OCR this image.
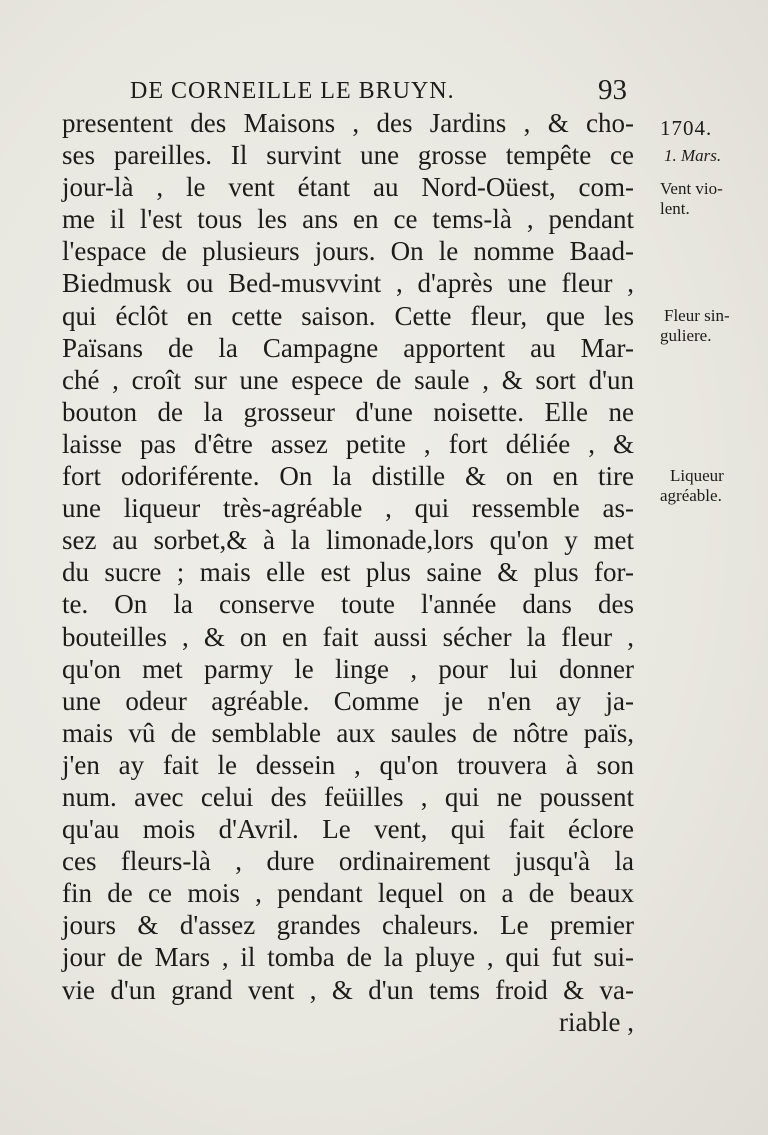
DE CORNEILLE LE BRUYN.	93
presentent des Maisons , des Jardins , & cho-
ses pareilles. Il survint une grosse tempête ce
jour-là , le vent étant au Nord-Oüest, com-
me il l'est tous les ans en ce tems-là , pendant
l'espace de plusieurs jours. On le nomme Baad-
Biedmusk ou Bed-musvvint , d'après une fleur ,
qui éclôt en cette saison. Cette fleur, que les
Païsans de la Campagne apportent au Mar-
ché , croît sur une espece de saule , & sort d'un
bouton de la grosseur d'une noisette. Elle ne
laisse pas d'être assez petite , fort déliée , &
fort odoriférente. On la distille & on en tire
une liqueur très-agréable , qui ressemble as-
sez au sorbet,& à la limonade,lors qu'on y met
du sucre ; mais elle est plus saine & plus for-
te. On la conserve toute l'année dans des
bouteilles , & on en fait aussi sécher la fleur ,
qu'on met parmy le linge , pour lui donner
une odeur agréable. Comme je n'en ay ja-
mais vû de semblable aux saules de nôtre païs,
j'en ay fait le dessein , qu'on trouvera à son
num. avec celui des feüilles , qui ne poussent
qu'au mois d'Avril. Le vent, qui fait éclore
ces fleurs-là , dure ordinairement jusqu'à la
fin de ce mois , pendant lequel on a de beaux
jours & d'assez grandes chaleurs. Le premier
jour de Mars , il tomba de la pluye , qui fut sui-
vie d'un grand vent , & d'un tems froid & va-
riable ,
1704.
1. Mars.
Vent vio-
lent.
Fleur sin-
guliere.
Liqueur
agréable.
